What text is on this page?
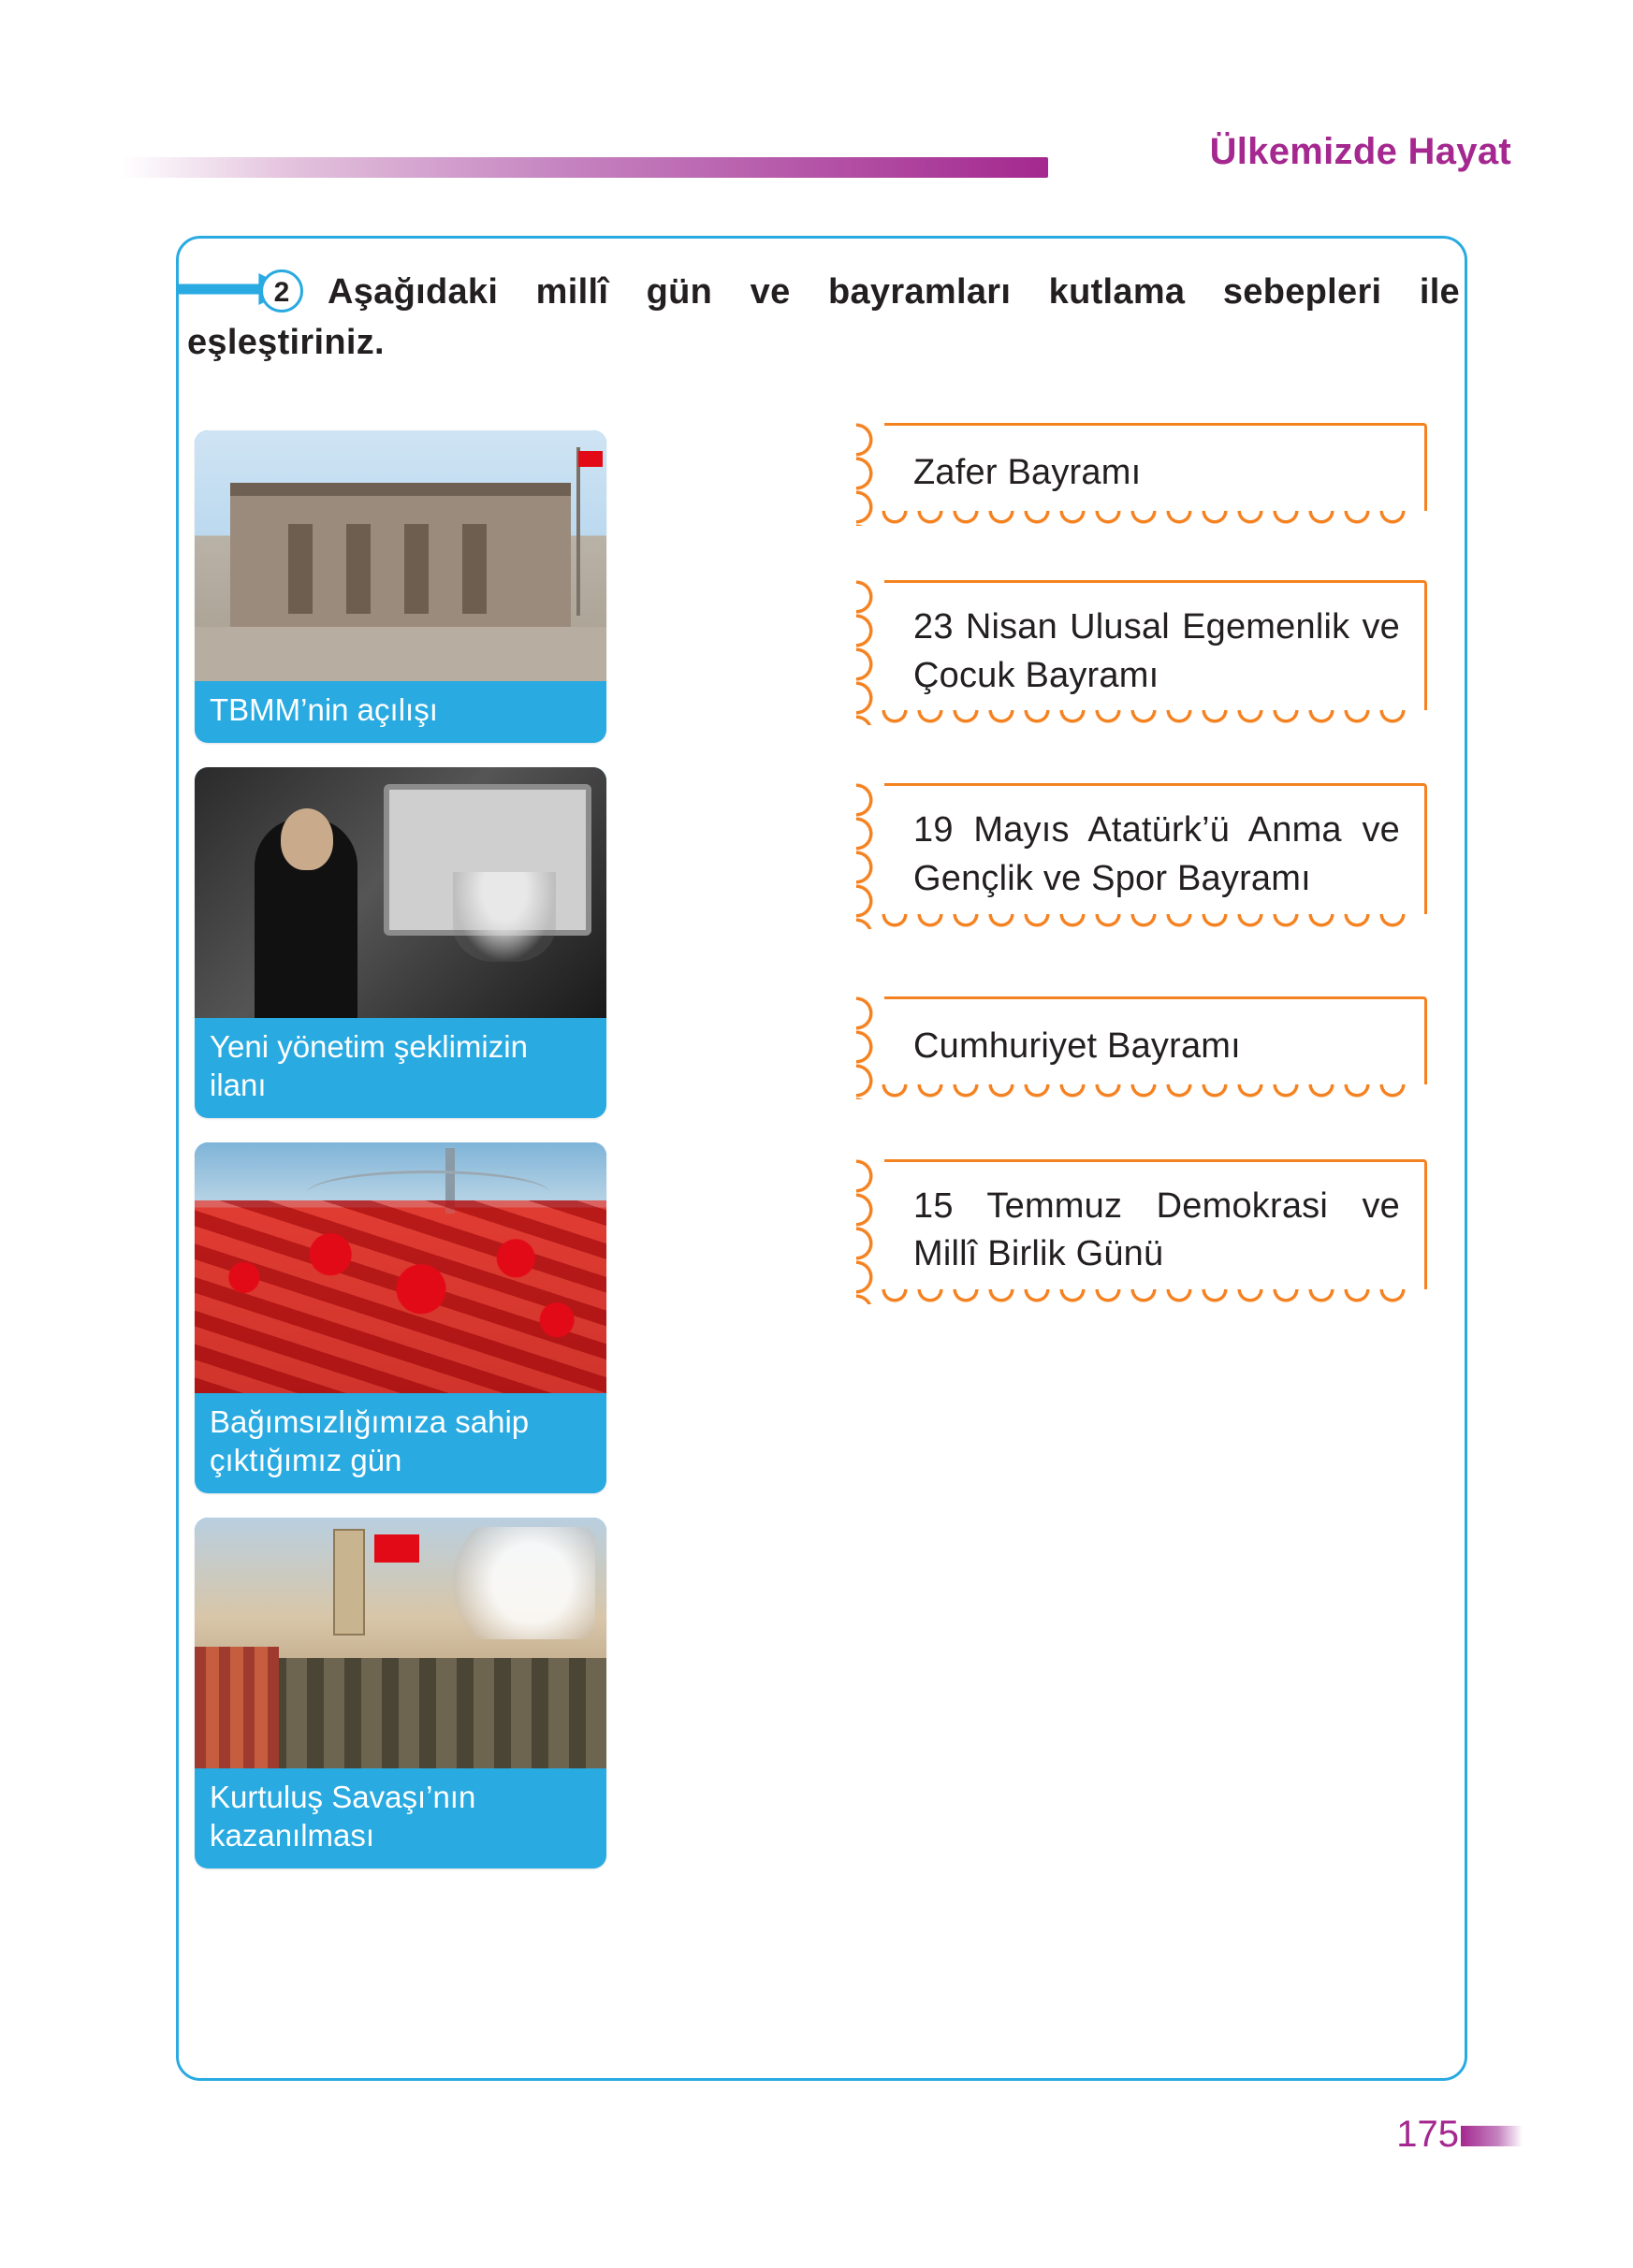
Ülkemizde Hayat
2	Aşağıdaki millî gün ve bayramları kutlama sebepleri ile eşleştiriniz.
TBMM’nin açılışı
Yeni yönetim şeklimizin ilanı
Bağımsızlığımıza sahip çıktığımız gün
Kurtuluş Savaşı’nın kazanılması
Zafer Bayramı
23 Nisan Ulusal Egemenlik ve Çocuk Bayramı
19 Mayıs Atatürk’ü Anma ve Gençlik ve Spor Bayramı
Cumhuriyet Bayramı
15 Temmuz Demokrasi ve Millî Birlik Günü
175
